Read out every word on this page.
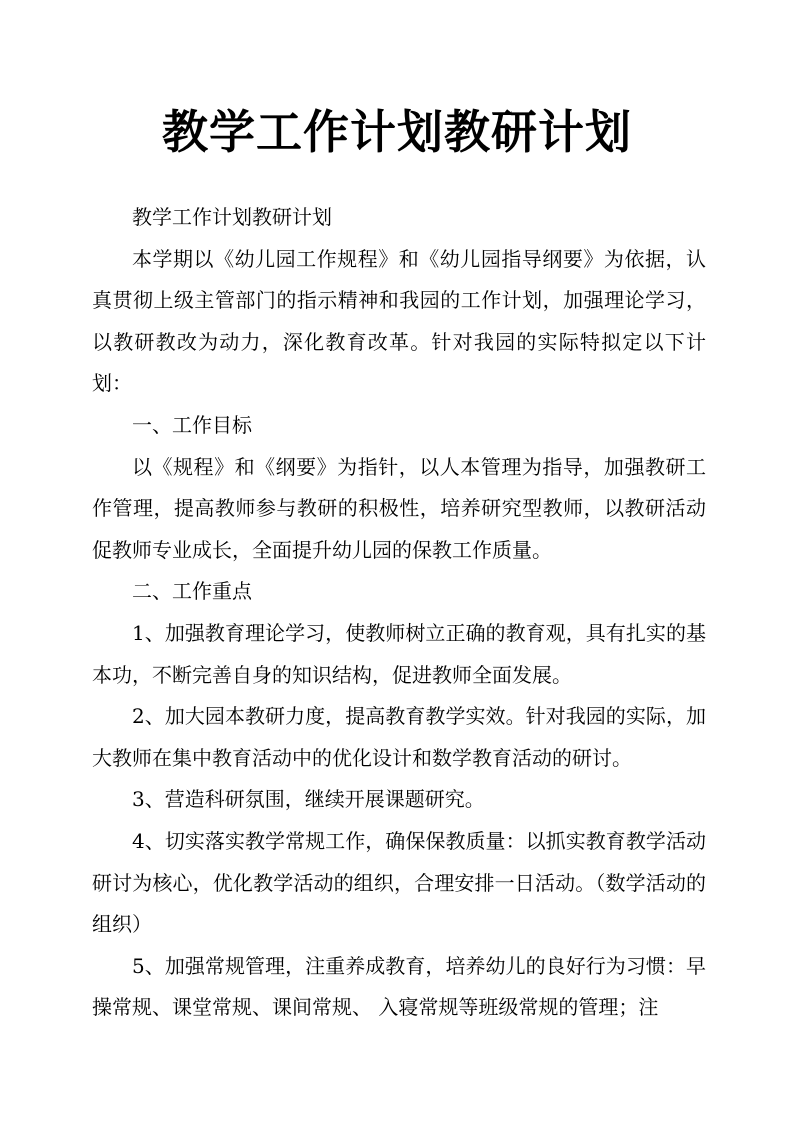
教学工作计划教研计划

教学工作计划教研计划

本学期以《幼儿园工作规程》和《幼儿园指导纲要》为依据，认真贯彻上级主管部门的指示精神和我园的工作计划，加强理论学习，以教研教改为动力，深化教育改革。针对我园的实际特拟定以下计划：

一、工作目标

以《规程》和《纲要》为指针，以人本管理为指导，加强教研工作管理，提高教师参与教研的积极性，培养研究型教师，以教研活动促教师专业成长，全面提升幼儿园的保教工作质量。

二、工作重点

1、加强教育理论学习，使教师树立正确的教育观，具有扎实的基本功，不断完善自身的知识结构，促进教师全面发展。

2、加大园本教研力度，提高教育教学实效。针对我园的实际，加大教师在集中教育活动中的优化设计和数学教育活动的研讨。

3、营造科研氛围，继续开展课题研究。

4、切实落实教学常规工作，确保保教质量：以抓实教育教学活动研讨为核心，优化教学活动的组织，合理安排一日活动。（数学活动的组织）

5、加强常规管理，注重养成教育，培养幼儿的良好行为习惯：早操常规、课堂常规、课间常规、 入寝常规等班级常规的管理；注
